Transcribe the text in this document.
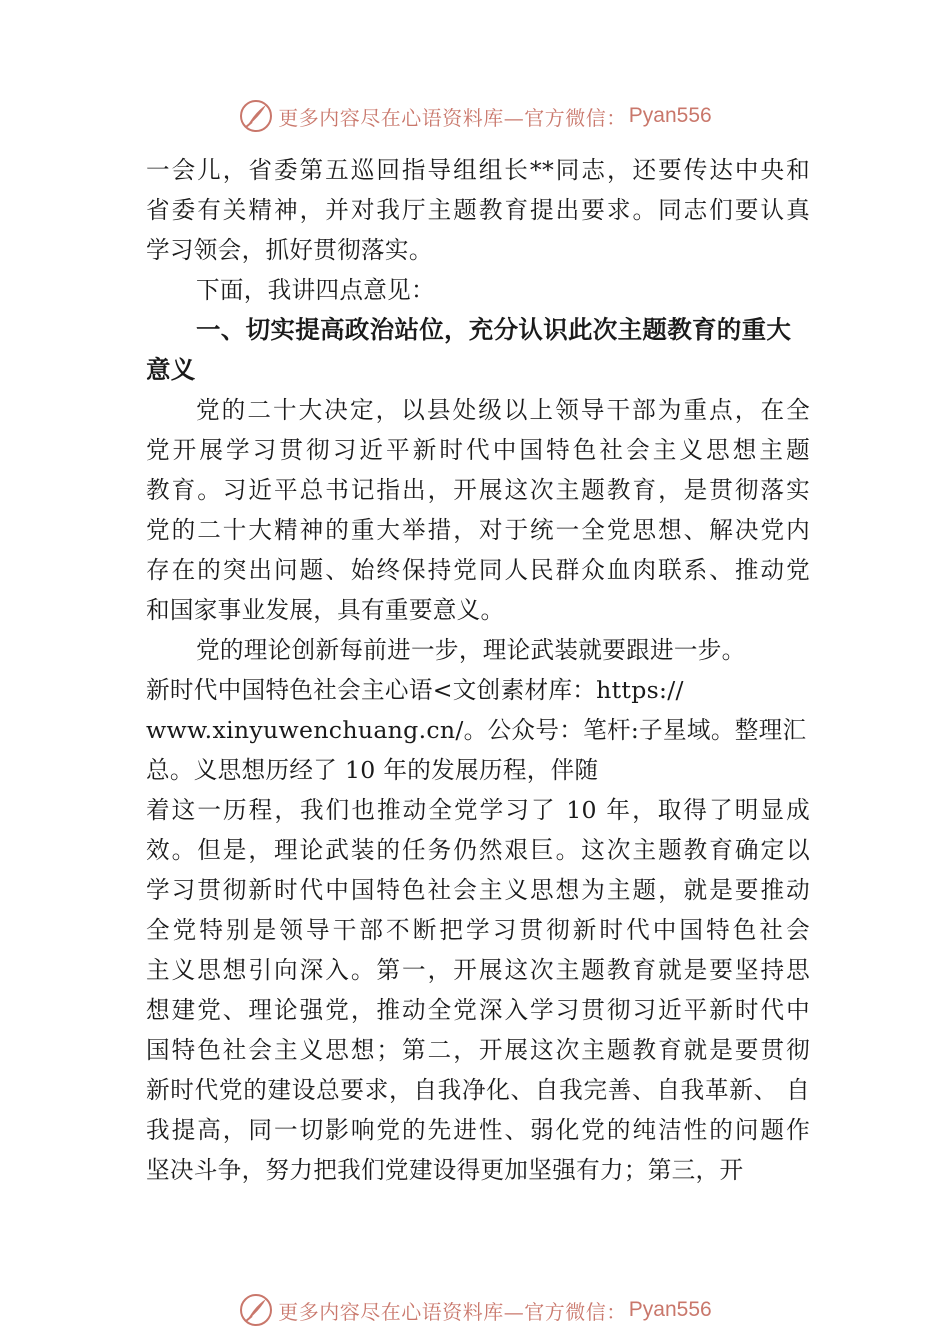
更多内容尽在心语资料库—官方微信： Pyan556
一会儿，省委第五巡回指导组组长**同志，还要传达中央和
省委有关精神，并对我厅主题教育提出要求。同志们要认真
学习领会，抓好贯彻落实。
下面，我讲四点意见：
一、切实提高政治站位，充分认识此次主题教育的重大
意义
党的二十大决定，以县处级以上领导干部为重点，在全
党开展学习贯彻习近平新时代中国特色社会主义思想主题
教育。习近平总书记指出，开展这次主题教育，是贯彻落实
党的二十大精神的重大举措，对于统一全党思想、解决党内
存在的突出问题、始终保持党同人民群众血肉联系、推动党
和国家事业发展，具有重要意义。
党的理论创新每前进一步，理论武装就要跟进一步。
新时代中国特色社会主心语<文创素材库：https://
www.xinyuwenchuang.cn/。公众号：笔杆:子星域。整理汇
总。义思想历经了 10 年的发展历程，伴随
着这一历程，我们也推动全党学习了 10 年，取得了明显成
效。但是，理论武装的任务仍然艰巨。这次主题教育确定以
学习贯彻新时代中国特色社会主义思想为主题，就是要推动
全党特别是领导干部不断把学习贯彻新时代中国特色社会
主义思想引向深入。第一，开展这次主题教育就是要坚持思
想建党、理论强党，推动全党深入学习贯彻习近平新时代中
国特色社会主义思想；第二，开展这次主题教育就是要贯彻
新时代党的建设总要求，自我净化、自我完善、自我革新、 自
我提高，同一切影响党的先进性、弱化党的纯洁性的问题作
坚决斗争，努力把我们党建设得更加坚强有力；第三，开
更多内容尽在心语资料库—官方微信： Pyan556
